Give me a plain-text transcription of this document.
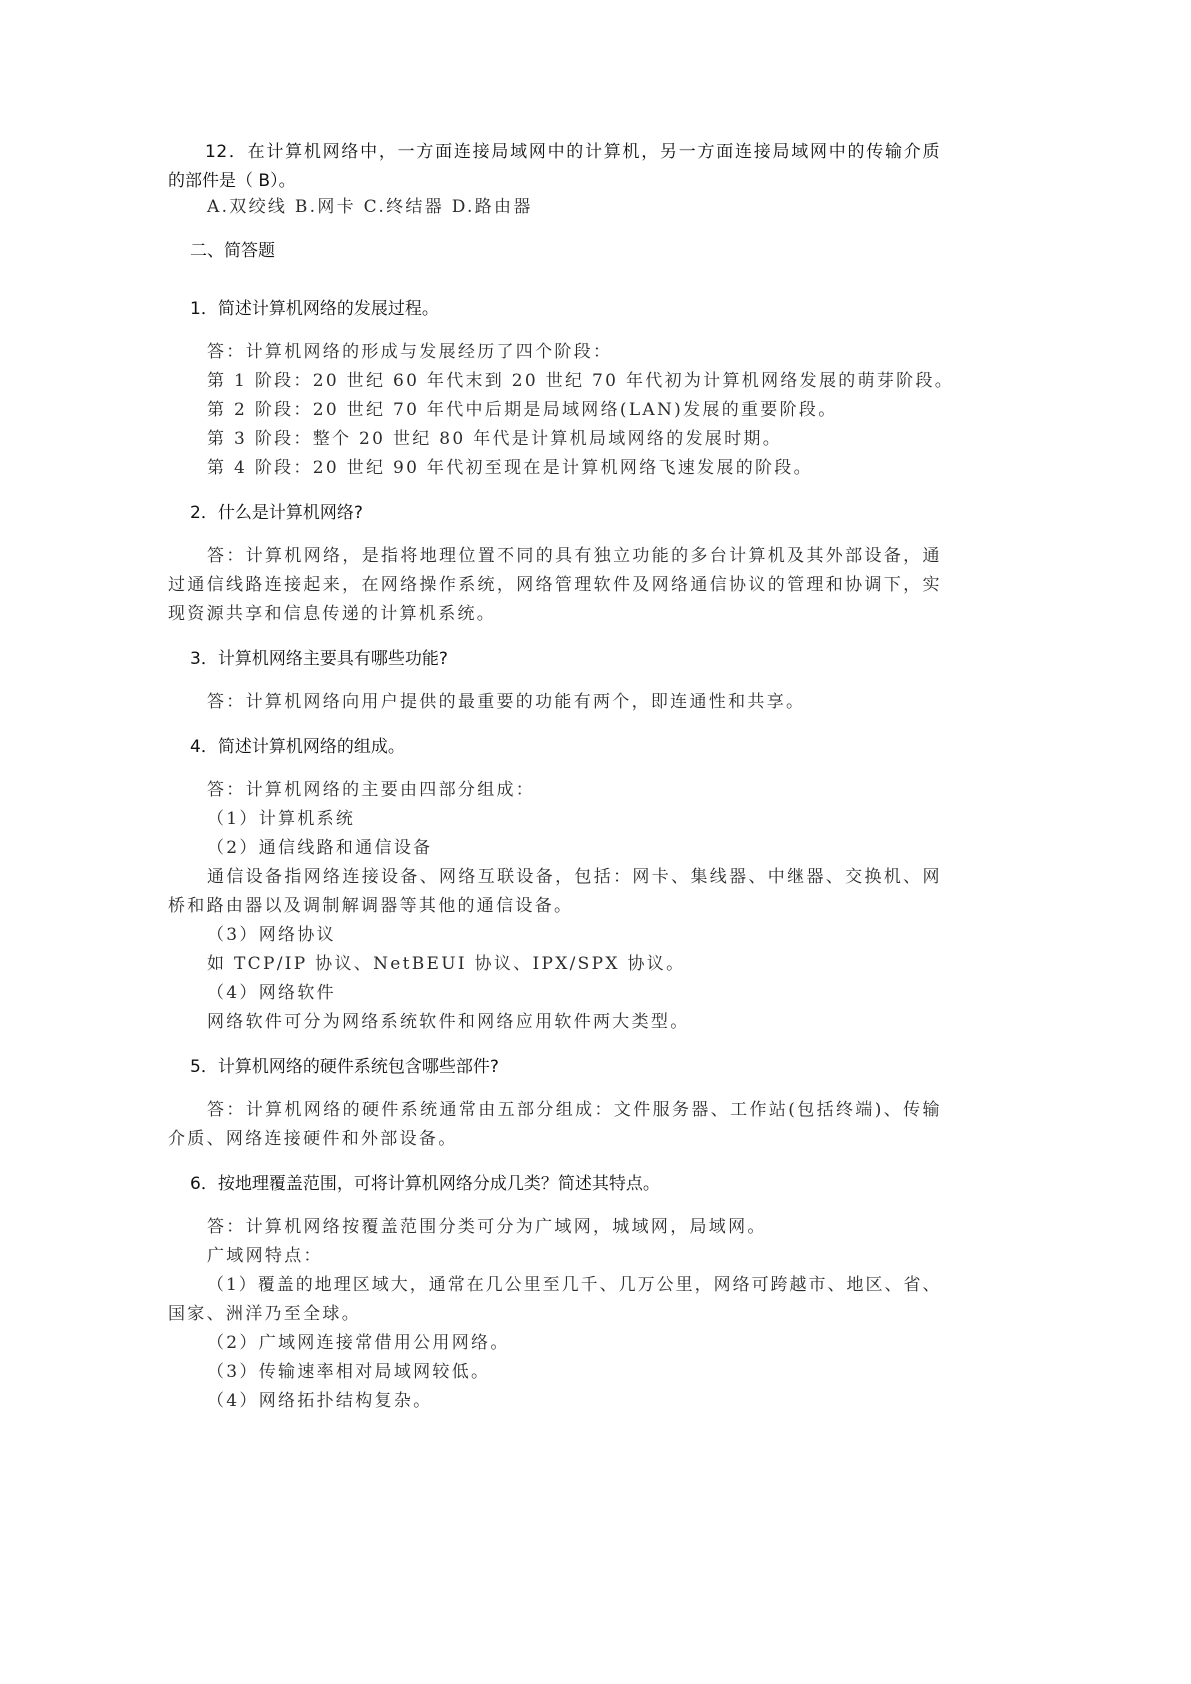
12．在计算机网络中，一方面连接局域网中的计算机，另一方面连接局域网中的传输介质
的部件是（ B）。
A.双绞线 B.网卡 C.终结器 D.路由器
二、简答题
1．简述计算机网络的发展过程。
答：计算机网络的形成与发展经历了四个阶段：
第 1 阶段：20 世纪 60 年代末到 20 世纪 70 年代初为计算机网络发展的萌芽阶段。
第 2 阶段：20 世纪 70 年代中后期是局域网络(LAN)发展的重要阶段。
第 3 阶段：整个 20 世纪 80 年代是计算机局域网络的发展时期。
第 4 阶段：20 世纪 90 年代初至现在是计算机网络飞速发展的阶段。
2．什么是计算机网络?
答：计算机网络，是指将地理位置不同的具有独立功能的多台计算机及其外部设备，通
过通信线路连接起来，在网络操作系统，网络管理软件及网络通信协议的管理和协调下，实
现资源共享和信息传递的计算机系统。
3．计算机网络主要具有哪些功能?
答：计算机网络向用户提供的最重要的功能有两个，即连通性和共享。
4．简述计算机网络的组成。
答：计算机网络的主要由四部分组成：
（1）计算机系统
（2）通信线路和通信设备
通信设备指网络连接设备、网络互联设备，包括：网卡、集线器、中继器、交换机、网
桥和路由器以及调制解调器等其他的通信设备。
（3）网络协议
如 TCP/IP 协议、NetBEUI 协议、IPX/SPX 协议。
（4）网络软件
网络软件可分为网络系统软件和网络应用软件两大类型。
5．计算机网络的硬件系统包含哪些部件?
答：计算机网络的硬件系统通常由五部分组成：文件服务器、工作站(包括终端)、传输
介质、网络连接硬件和外部设备。
6．按地理覆盖范围，可将计算机网络分成几类？简述其特点。
答：计算机网络按覆盖范围分类可分为广域网，城域网，局域网。
广域网特点：
（1）覆盖的地理区域大，通常在几公里至几千、几万公里，网络可跨越市、地区、省、
国家、洲洋乃至全球。
（2）广域网连接常借用公用网络。
（3）传输速率相对局域网较低。
（4）网络拓扑结构复杂。
